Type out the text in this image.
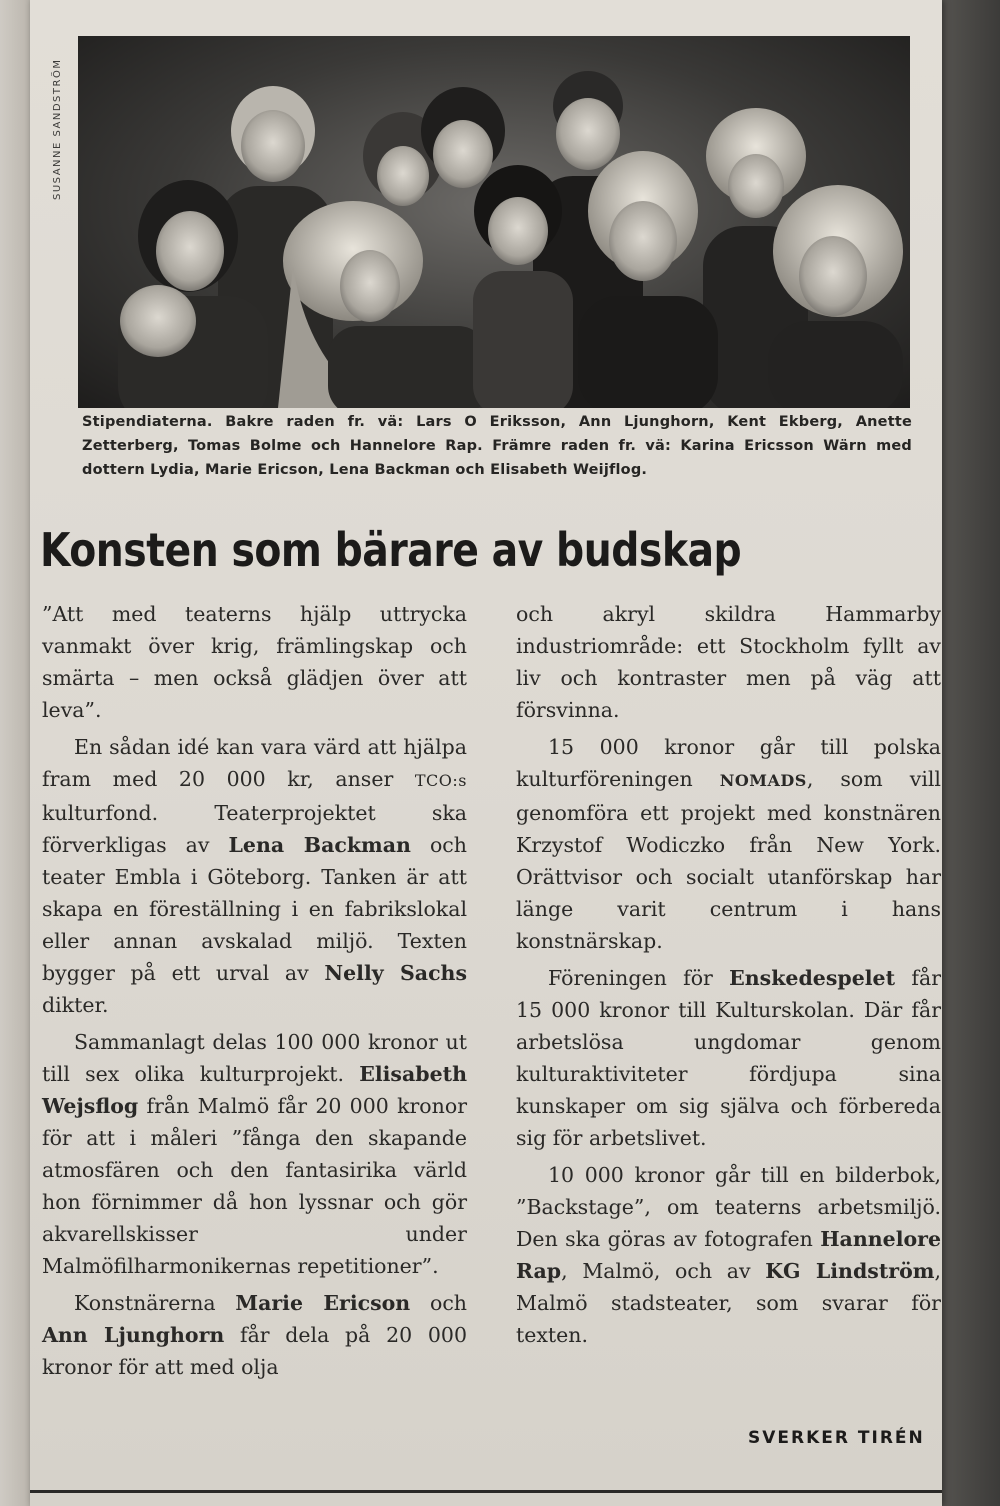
SUSANNE SANDSTRÖM
Stipendiaterna. Bakre raden fr. vä: Lars O Eriksson, Ann Ljunghorn, Kent Ekberg, Anette Zetterberg, Tomas Bolme och Hannelore Rap. Främre raden fr. vä: Karina Ericsson Wärn med dottern Lydia, Marie Ericson, Lena Backman och Elisabeth Weijflog.
Konsten som bärare av budskap

”Att med teaterns hjälp uttrycka vanmakt över krig, främlingskap och smärta – men också glädjen över att leva”.

En sådan idé kan vara värd att hjälpa fram med 20 000 kr, anser TCO:s kulturfond. Teaterprojektet ska förverkligas av Lena Backman och teater Embla i Göteborg. Tanken är att skapa en föreställning i en fabrikslokal eller annan avskalad miljö. Texten bygger på ett urval av Nelly Sachs dikter.

Sammanlagt delas 100 000 kronor ut till sex olika kulturprojekt. Elisabeth Wejsflog från Malmö får 20 000 kronor för att i måleri ”fånga den skapande atmosfären och den fantasirika värld hon förnimmer då hon lyssnar och gör akvarellskisser under Malmöfilharmonikernas repetitioner”.

Konstnärerna Marie Ericson och Ann Ljunghorn får dela på 20 000 kronor för att med olja

och akryl skildra Hammarby industriområde: ett Stockholm fyllt av liv och kontraster men på väg att försvinna.

15 000 kronor går till polska kulturföreningen NOMADS, som vill genomföra ett projekt med konstnären Krzystof Wodiczko från New York. Orättvisor och socialt utanförskap har länge varit centrum i hans konstnärskap.

Föreningen för Enskedespelet får 15 000 kronor till Kulturskolan. Där får arbetslösa ungdomar genom kulturaktiviteter fördjupa sina kunskaper om sig själva och förbereda sig för arbetslivet.

10 000 kronor går till en bilderbok, ”Backstage”, om teaterns arbetsmiljö. Den ska göras av fotografen Hannelore Rap, Malmö, och av KG Lindström, Malmö stadsteater, som svarar för texten.

SVERKER TIRÉN
